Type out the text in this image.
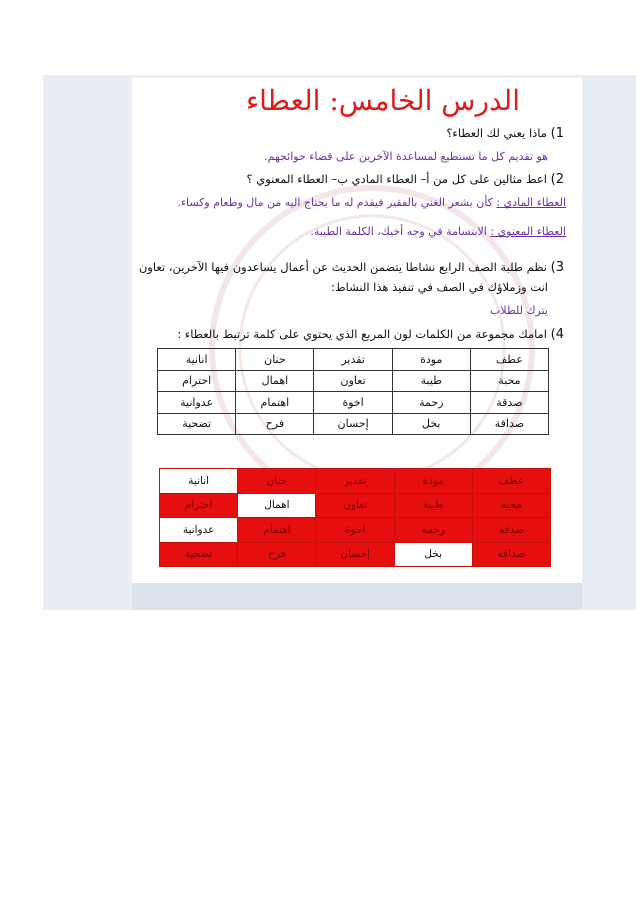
الدرس الخامس: العطاء
1) ماذا يعني لك العطاء؟
هو تقديم كل ما تستطيع لمساعدة الآخرين على قضاء حوائجهم.
2) اعط مثالين على كل من أ– العطاء المادي ب– العطاء المعنوي ؟
العطاء المادي : كأن يشعر الغني بالفقير فيقدم له ما يحتاج اليه من مال وطعام وكساء.
العطاء المعنوي : الابتسامة في وجه أخيك، الكلمة الطيبة.
3) نظم طلبة الصف الرابع نشاطا يتضمن الحديث عن أعمال يساعدون فيها الآخرين، تعاون
انت وزملاؤك في الصف في تنفيذ هذا النشاط:
يترك للطلاب
4) امامك مجموعة من الكلمات لون المربع الذي يحتوي على كلمة ترتبط بالعطاء :
عطف	مودة	تقدير	حنان	انانية
محبة	طيبة	تعاون	اهمال	احترام
صدقة	رحمة	اخوة	اهتمام	عدوانية
صداقة	بخل	إحسان	فرح	تضحية
عطف	مودة	تقدير	حنان	انانية
محبة	طيبة	تعاون	اهمال	احترام
صدقة	رحمة	اخوة	اهتمام	عدوانية
صداقة	بخل	إحسان	فرح	تضحية
